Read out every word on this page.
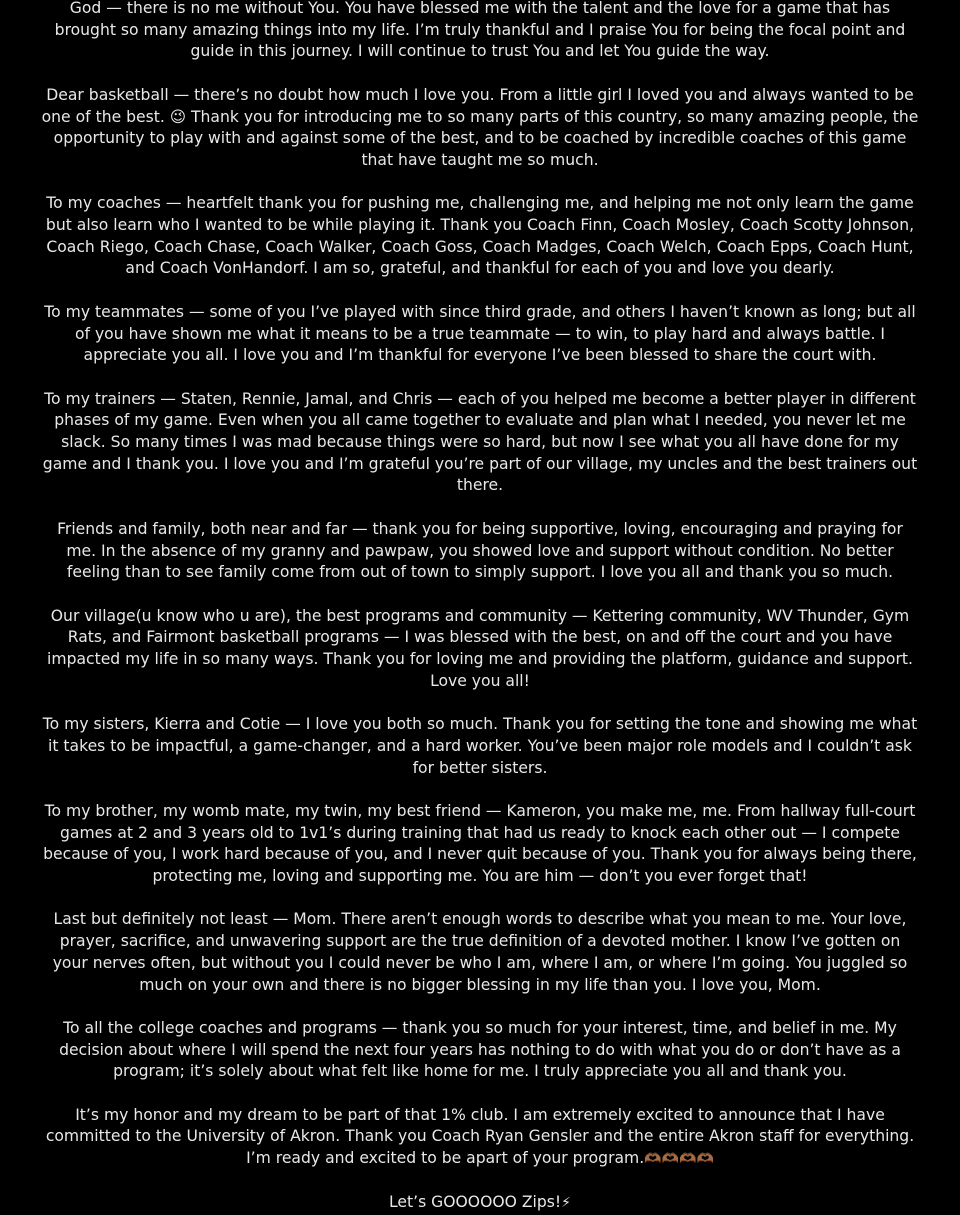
God — there is no me without You. You have blessed me with the talent and the love for a game that has brought so many amazing things into my life. I’m truly thankful and I praise You for being the focal point and guide in this journey. I will continue to trust You and let You guide the way.

Dear basketball — there’s no doubt how much I love you. From a little girl I loved you and always wanted to be one of the best. 😉 Thank you for introducing me to so many parts of this country, so many amazing people, the opportunity to play with and against some of the best, and to be coached by incredible coaches of this game that have taught me so much.

To my coaches — heartfelt thank you for pushing me, challenging me, and helping me not only learn the game but also learn who I wanted to be while playing it. Thank you Coach Finn, Coach Mosley, Coach Scotty Johnson, Coach Riego, Coach Chase, Coach Walker, Coach Goss, Coach Madges, Coach Welch, Coach Epps, Coach Hunt, and Coach VonHandorf. I am so, grateful, and thankful for each of you and love you dearly.

To my teammates — some of you I’ve played with since third grade, and others I haven’t known as long; but all of you have shown me what it means to be a true teammate — to win, to play hard and always battle. I appreciate you all. I love you and I’m thankful for everyone I’ve been blessed to share the court with.

To my trainers — Staten, Rennie, Jamal, and Chris — each of you helped me become a better player in different phases of my game. Even when you all came together to evaluate and plan what I needed, you never let me slack. So many times I was mad because things were so hard, but now I see what you all have done for my game and I thank you. I love you and I’m grateful you’re part of our village, my uncles and the best trainers out there.

Friends and family, both near and far — thank you for being supportive, loving, encouraging and praying for me. In the absence of my granny and pawpaw, you showed love and support without condition. No better feeling than to see family come from out of town to simply support. I love you all and thank you so much.

Our village(u know who u are), the best programs and community — Kettering community, WV Thunder, Gym Rats, and Fairmont basketball programs — I was blessed with the best, on and off the court and you have impacted my life in so many ways. Thank you for loving me and providing the platform, guidance and support. Love you all!

To my sisters, Kierra and Cotie — I love you both so much. Thank you for setting the tone and showing me what it takes to be impactful, a game-changer, and a hard worker. You’ve been major role models and I couldn’t ask for better sisters.

To my brother, my womb mate, my twin, my best friend — Kameron, you make me, me. From hallway full-court games at 2 and 3 years old to 1v1’s during training that had us ready to knock each other out — I compete because of you, I work hard because of you, and I never quit because of you. Thank you for always being there, protecting me, loving and supporting me. You are him — don’t you ever forget that!

Last but definitely not least — Mom. There aren’t enough words to describe what you mean to me. Your love, prayer, sacrifice, and unwavering support are the true definition of a devoted mother. I know I’ve gotten on your nerves often, but without you I could never be who I am, where I am, or where I’m going. You juggled so much on your own and there is no bigger blessing in my life than you. I love you, Mom.

To all the college coaches and programs — thank you so much for your interest, time, and belief in me. My decision about where I will spend the next four years has nothing to do with what you do or don’t have as a program; it’s solely about what felt like home for me. I truly appreciate you all and thank you.

It’s my honor and my dream to be part of that 1% club. I am extremely excited to announce that I have committed to the University of Akron. Thank you Coach Ryan Gensler and the entire Akron staff for everything. I’m ready and excited to be apart of your program.🫶🏾🫶🏾🫶🏾🫶🏾

Let’s GOOOOOO Zips!⚡
